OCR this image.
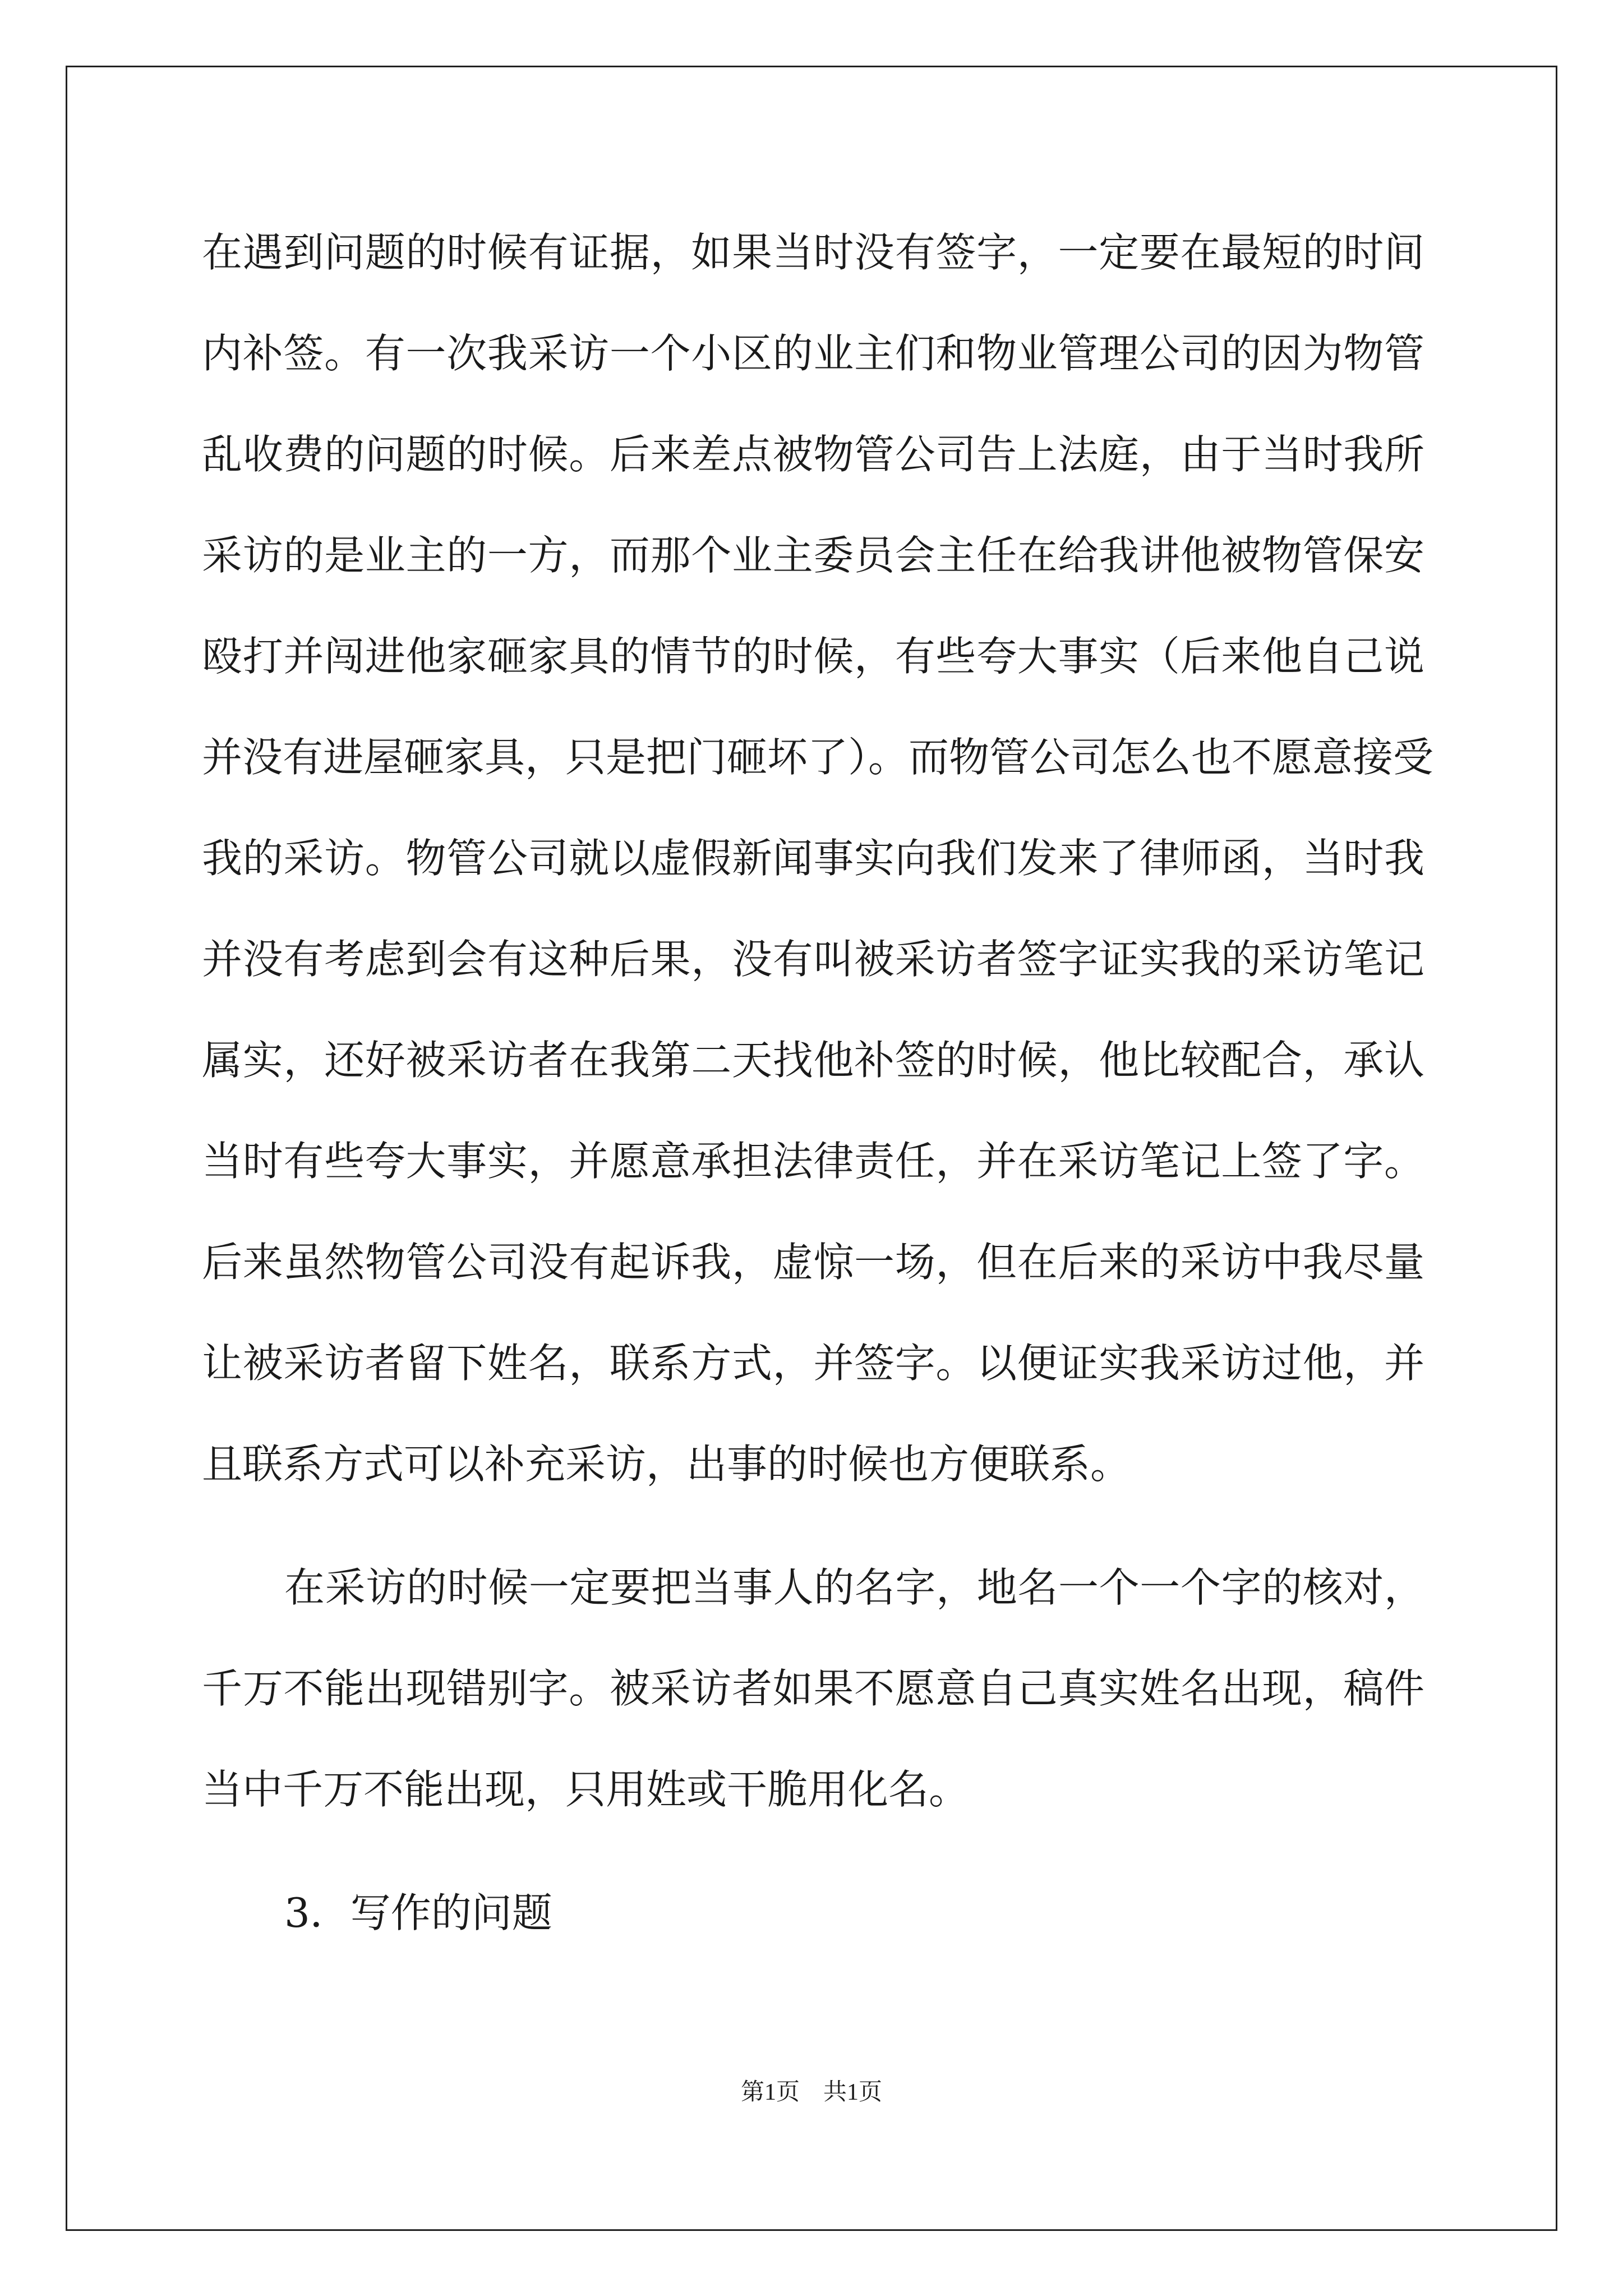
在遇到问题的时候有证据，如果当时没有签字，一定要在最短的时间
内补签。有一次我采访一个小区的业主们和物业管理公司的因为物管
乱收费的问题的时候。后来差点被物管公司告上法庭，由于当时我所
采访的是业主的一方，而那个业主委员会主任在给我讲他被物管保安
殴打并闯进他家砸家具的情节的时候，有些夸大事实（后来他自己说
并没有进屋砸家具，只是把门砸坏了）。而物管公司怎么也不愿意接受
我的采访。物管公司就以虚假新闻事实向我们发来了律师函，当时我
并没有考虑到会有这种后果，没有叫被采访者签字证实我的采访笔记
属实，还好被采访者在我第二天找他补签的时候，他比较配合，承认
当时有些夸大事实，并愿意承担法律责任，并在采访笔记上签了字。
后来虽然物管公司没有起诉我，虚惊一场，但在后来的采访中我尽量
让被采访者留下姓名，联系方式，并签字。以便证实我采访过他，并
且联系方式可以补充采访，出事的时候也方便联系。
在采访的时候一定要把当事人的名字，地名一个一个字的核对，
千万不能出现错别字。被采访者如果不愿意自己真实姓名出现，稿件
当中千万不能出现，只用姓或干脆用化名。
3．写作的问题
第1页　共1页
